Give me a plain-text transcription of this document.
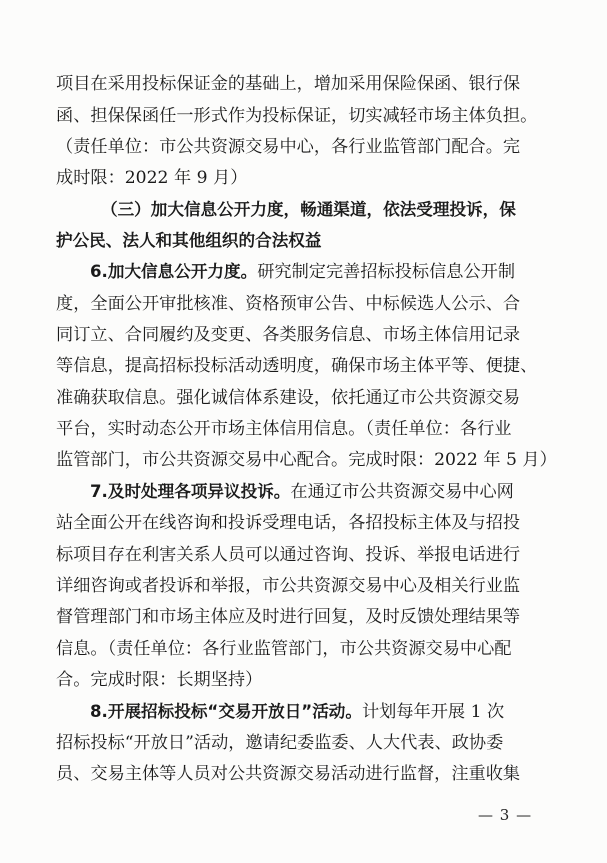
项目在采用投标保证金的基础上，增加采用保险保函、银行保
函、担保保函任一形式作为投标保证，切实减轻市场主体负担。
（责任单位：市公共资源交易中心，各行业监管部门配合。完
成时限：2022 年 9 月）
（三）加大信息公开力度，畅通渠道，依法受理投诉，保
护公民、法人和其他组织的合法权益
6.加大信息公开力度。研究制定完善招标投标信息公开制
度，全面公开审批核准、资格预审公告、中标候选人公示、合
同订立、合同履约及变更、各类服务信息、市场主体信用记录
等信息，提高招标投标活动透明度，确保市场主体平等、便捷、
准确获取信息。强化诚信体系建设，依托通辽市公共资源交易
平台，实时动态公开市场主体信用信息。（责任单位：各行业
监管部门，市公共资源交易中心配合。完成时限：2022 年 5 月）
7.及时处理各项异议投诉。在通辽市公共资源交易中心网
站全面公开在线咨询和投诉受理电话，各招投标主体及与招投
标项目存在利害关系人员可以通过咨询、投诉、举报电话进行
详细咨询或者投诉和举报，市公共资源交易中心及相关行业监
督管理部门和市场主体应及时进行回复，及时反馈处理结果等
信息。（责任单位：各行业监管部门，市公共资源交易中心配
合。完成时限：长期坚持）
8.开展招标投标“交易开放日”活动。计划每年开展 1 次
招标投标“开放日”活动，邀请纪委监委、人大代表、政协委
员、交易主体等人员对公共资源交易活动进行监督，注重收集
— 3 —
